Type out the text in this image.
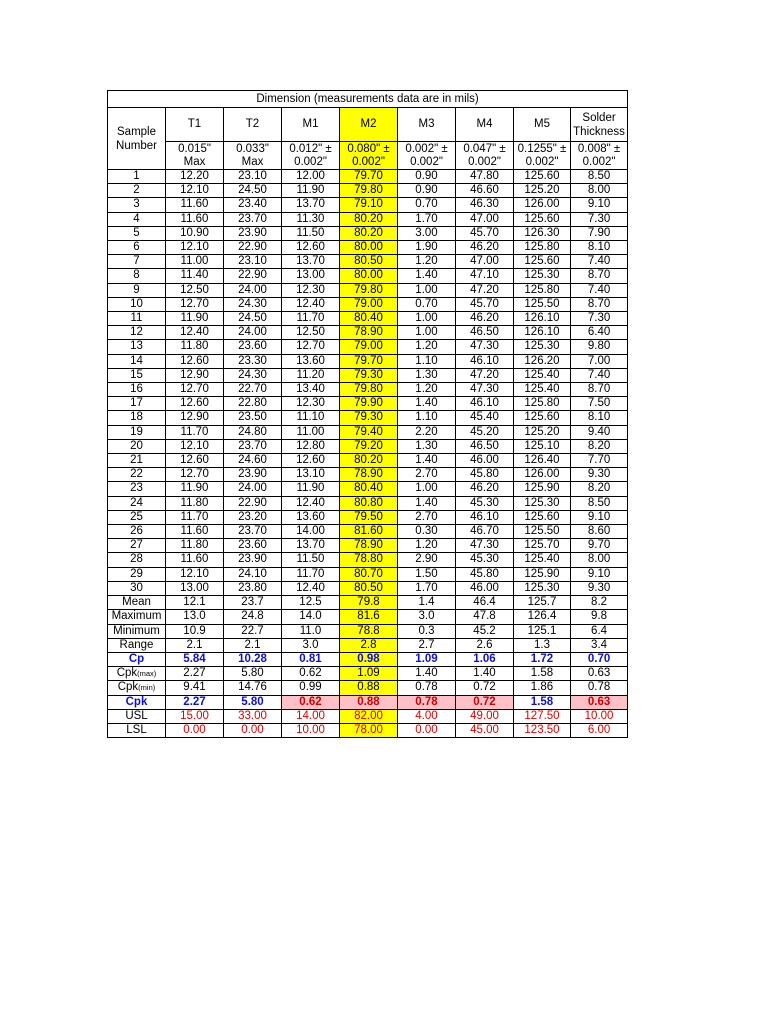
Dimension (measurements data are in mils)								
Sample Number	T1	T2	M1	M2	M3	M4	M5	Solder Thickness
	0.015" Max	0.033" Max	0.012" ± 0.002"	0.080" ± 0.002"	0.002" ± 0.002"	0.047" ± 0.002"	0.1255" ± 0.002"	0.008" ± 0.002"
1	12.20	23.10	12.00	79.70	0.90	47.80	125.60	8.50
2	12.10	24.50	11.90	79.80	0.90	46.60	125.20	8.00
3	11.60	23.40	13.70	79.10	0.70	46.30	126.00	9.10
4	11.60	23.70	11.30	80.20	1.70	47.00	125.60	7.30
5	10.90	23.90	11.50	80.20	3.00	45.70	126.30	7.90
6	12.10	22.90	12.60	80.00	1.90	46.20	125.80	8.10
7	11.00	23.10	13.70	80.50	1.20	47.00	125.60	7.40
8	11.40	22.90	13.00	80.00	1.40	47.10	125.30	8.70
9	12.50	24.00	12.30	79.80	1.00	47.20	125.80	7.40
10	12.70	24.30	12.40	79.00	0.70	45.70	125.50	8.70
11	11.90	24.50	11.70	80.40	1.00	46.20	126.10	7.30
12	12.40	24.00	12.50	78.90	1.00	46.50	126.10	6.40
13	11.80	23.60	12.70	79.00	1.20	47.30	125.30	9.80
14	12.60	23.30	13.60	79.70	1.10	46.10	126.20	7.00
15	12.90	24.30	11.20	79.30	1.30	47.20	125.40	7.40
16	12.70	22.70	13.40	79.80	1.20	47.30	125.40	8.70
17	12.60	22.80	12.30	79.90	1.40	46.10	125.80	7.50
18	12.90	23.50	11.10	79.30	1.10	45.40	125.60	8.10
19	11.70	24.80	11.00	79.40	2.20	45.20	125.20	9.40
20	12.10	23.70	12.80	79.20	1.30	46.50	125.10	8.20
21	12.60	24.60	12.60	80.20	1.40	46.00	126.40	7.70
22	12.70	23.90	13.10	78.90	2.70	45.80	126.00	9.30
23	11.90	24.00	11.90	80.40	1.00	46.20	125.90	8.20
24	11.80	22.90	12.40	80.80	1.40	45.30	125.30	8.50
25	11.70	23.20	13.60	79.50	2.70	46.10	125.60	9.10
26	11.60	23.70	14.00	81.60	0.30	46.70	125.50	8.60
27	11.80	23.60	13.70	78.90	1.20	47.30	125.70	9.70
28	11.60	23.90	11.50	78.80	2.90	45.30	125.40	8.00
29	12.10	24.10	11.70	80.70	1.50	45.80	125.90	9.10
30	13.00	23.80	12.40	80.50	1.70	46.00	125.30	9.30
Mean	12.1	23.7	12.5	79.8	1.4	46.4	125.7	8.2
Maximum	13.0	24.8	14.0	81.6	3.0	47.8	126.4	9.8
Minimum	10.9	22.7	11.0	78.8	0.3	45.2	125.1	6.4
Range	2.1	2.1	3.0	2.8	2.7	2.6	1.3	3.4
Cp	5.84	10.28	0.81	0.98	1.09	1.06	1.72	0.70
Cpk(max)	2.27	5.80	0.62	1.09	1.40	1.40	1.58	0.63
Cpk(min)	9.41	14.76	0.99	0.88	0.78	0.72	1.86	0.78
Cpk	2.27	5.80	0.62	0.88	0.78	0.72	1.58	0.63
USL	15.00	33.00	14.00	82.00	4.00	49.00	127.50	10.00
LSL	0.00	0.00	10.00	78.00	0.00	45.00	123.50	6.00
